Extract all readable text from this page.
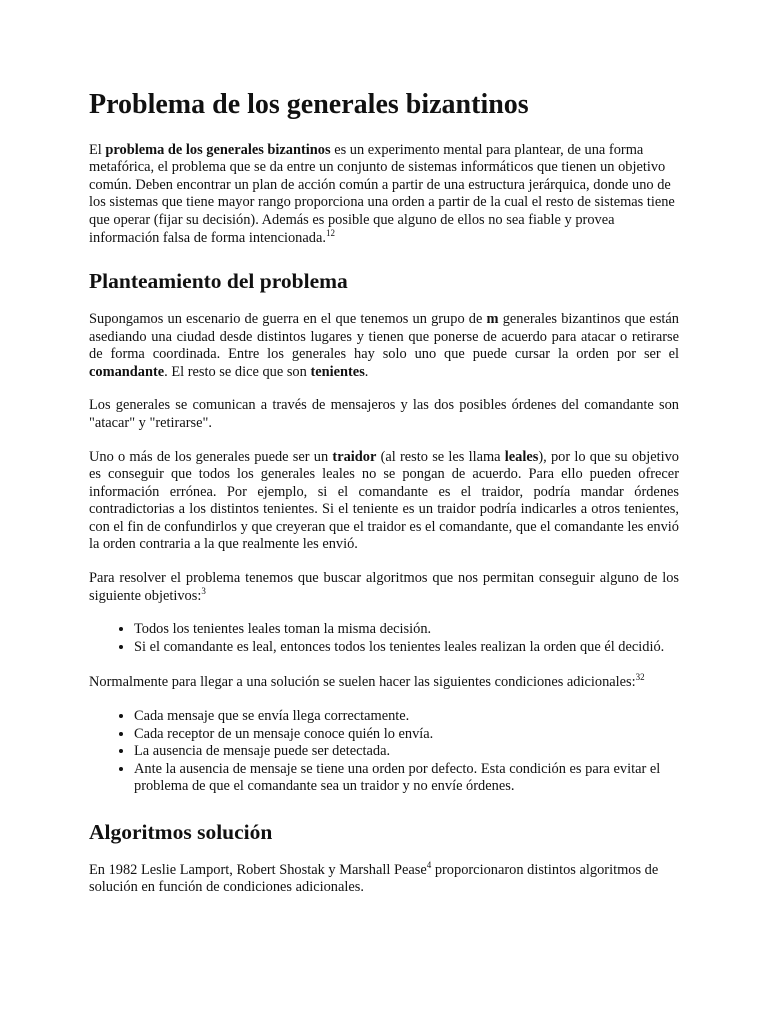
Problema de los generales bizantinos

El problema de los generales bizantinos es un experimento mental para plantear, de una forma metafórica, el problema que se da entre un conjunto de sistemas informáticos que tienen un objetivo común. Deben encontrar un plan de acción común a partir de una estructura jerárquica, donde uno de los sistemas que tiene mayor rango proporciona una orden a partir de la cual el resto de sistemas tiene que operar (fijar su decisión). Además es posible que alguno de ellos no sea fiable y provea información falsa de forma intencionada.$^{12}$

Planteamiento del problema

Supongamos un escenario de guerra en el que tenemos un grupo de m generales bizantinos que están asediando una ciudad desde distintos lugares y tienen que ponerse de acuerdo para atacar o retirarse de forma coordinada. Entre los generales hay solo uno que puede cursar la orden por ser el comandante. El resto se dice que son tenientes.

Los generales se comunican a través de mensajeros y las dos posibles órdenes del comandante son "atacar" y "retirarse".

Uno o más de los generales puede ser un traidor (al resto se les llama leales), por lo que su objetivo es conseguir que todos los generales leales no se pongan de acuerdo. Para ello pueden ofrecer información errónea. Por ejemplo, si el comandante es el traidor, podría mandar órdenes contradictorias a los distintos tenientes. Si el teniente es un traidor podría indicarles a otros tenientes, con el fin de confundirlos y que creyeran que el traidor es el comandante, que el comandante les envió la orden contraria a la que realmente les envió.

Para resolver el problema tenemos que buscar algoritmos que nos permitan conseguir alguno de los siguiente objetivos:$^3$

• Todos los tenientes leales toman la misma decisión.
• Si el comandante es leal, entonces todos los tenientes leales realizan la orden que él decidió.

Normalmente para llegar a una solución se suelen hacer las siguientes condiciones adicionales:$^{32}$

• Cada mensaje que se envía llega correctamente.
• Cada receptor de un mensaje conoce quién lo envía.
• La ausencia de mensaje puede ser detectada.
• Ante la ausencia de mensaje se tiene una orden por defecto. Esta condición es para evitar el problema de que el comandante sea un traidor y no envíe órdenes.
Algoritmos solución

En 1982 Leslie Lamport, Robert Shostak y Marshall Pease$^4$ proporcionaron distintos algoritmos de solución en función de condiciones adicionales.
